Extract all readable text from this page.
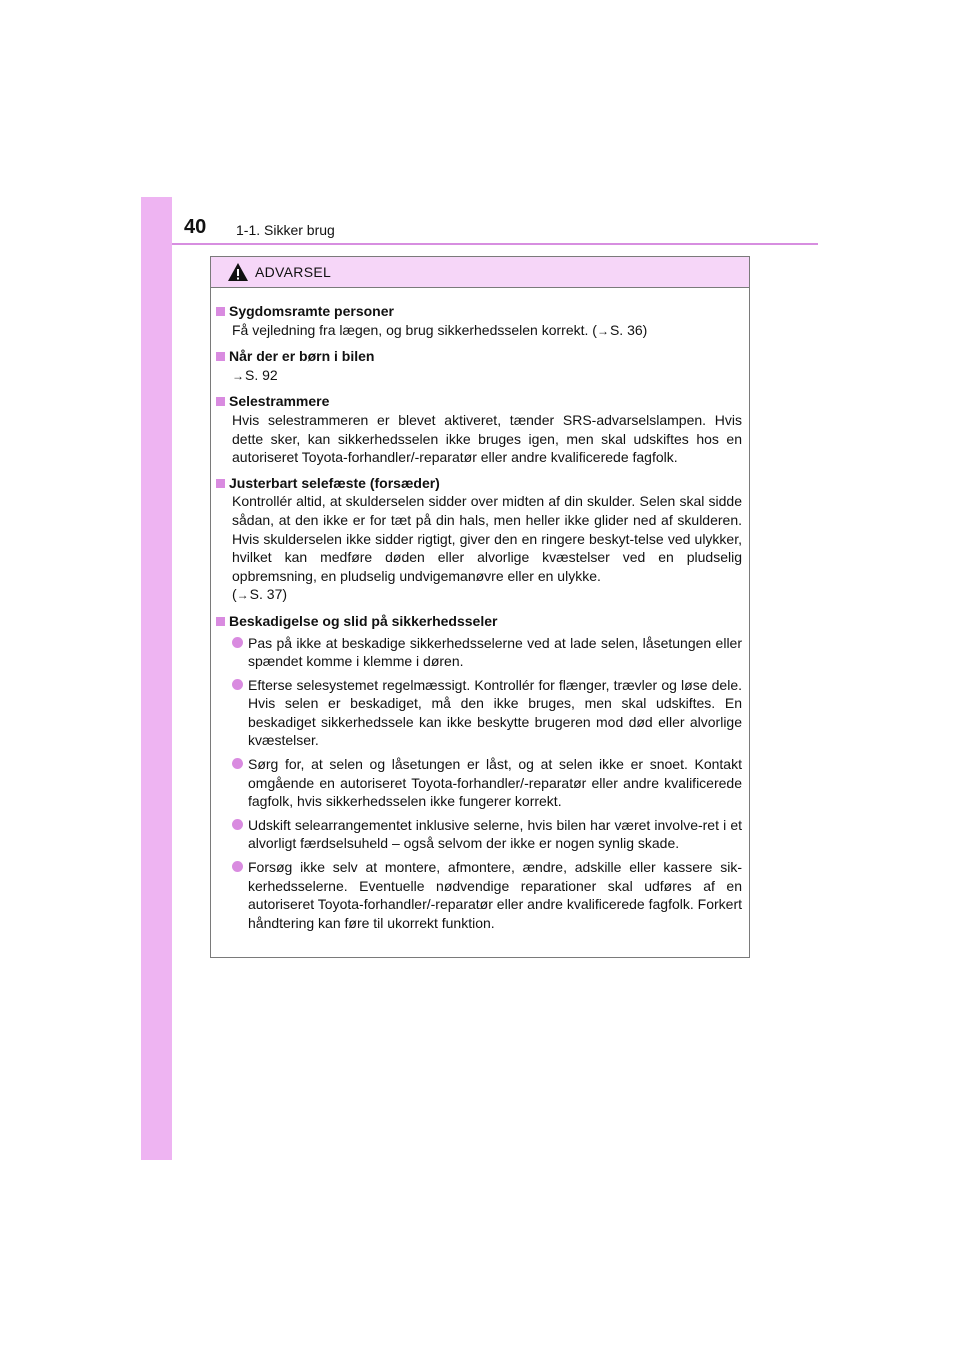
40 1-1. Sikker brug
ADVARSEL
Sygdomsramte personer
Få vejledning fra lægen, og brug sikkerhedsselen korrekt. (→S. 36)
Når der er børn i bilen
→S. 92
Selestrammere
Hvis selestrammeren er blevet aktiveret, tænder SRS-advarselslampen. Hvis dette sker, kan sikkerhedsselen ikke bruges igen, men skal udskiftes hos en autoriseret Toyota-forhandler/-reparatør eller andre kvalificerede fagfolk.
Justerbart selefæste (forsæder)
Kontrollér altid, at skulderselen sidder over midten af din skulder. Selen skal sidde sådan, at den ikke er for tæt på din hals, men heller ikke glider ned af skulderen. Hvis skulderselen ikke sidder rigtigt, giver den en ringere beskyt-telse ved ulykker, hvilket kan medføre døden eller alvorlige kvæstelser ved en pludselig opbremsning, en pludselig undvigemanøvre eller en ulykke.
(→S. 37)
Beskadigelse og slid på sikkerhedsseler
Pas på ikke at beskadige sikkerhedsselerne ved at lade selen, låsetungen eller spændet komme i klemme i døren.
Efterse selesystemet regelmæssigt. Kontrollér for flænger, trævler og løse dele. Hvis selen er beskadiget, må den ikke bruges, men skal udskiftes. En beskadiget sikkerhedssele kan ikke beskytte brugeren mod død eller alvorlige kvæstelser.
Sørg for, at selen og låsetungen er låst, og at selen ikke er snoet. Kontakt omgående en autoriseret Toyota-forhandler/-reparatør eller andre kvalificerede fagfolk, hvis sikkerhedsselen ikke fungerer korrekt.
Udskift selearrangementet inklusive selerne, hvis bilen har været involve-ret i et alvorligt færdselsuheld – også selvom der ikke er nogen synlig skade.
Forsøg ikke selv at montere, afmontere, ændre, adskille eller kassere sik-kerhedsselerne. Eventuelle nødvendige reparationer skal udføres af en autoriseret Toyota-forhandler/-reparatør eller andre kvalificerede fagfolk. Forkert håndtering kan føre til ukorrekt funktion.
